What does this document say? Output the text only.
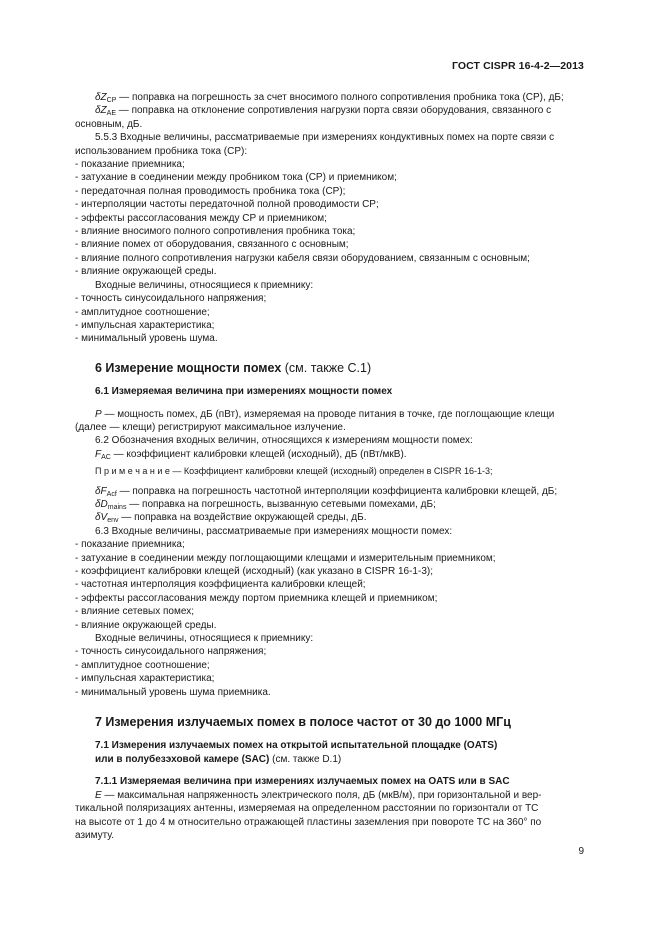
ГОСТ CISPR 16-4-2—2013

$\delta Z_{CP}$ — поправка на погрешность за счет вносимого полного сопротивления пробника тока (CP), дБ;

$\delta Z_{AE}$ — поправка на отклонение сопротивления нагрузки порта связи оборудования, связанного с

основным, дБ.

5.5.3 Входные величины, рассматриваемые при измерениях кондуктивных помех на порте связи с

использованием пробника тока (CP):

- показание приемника;

- затухание в соединении между пробником тока (CP) и приемником;

- передаточная полная проводимость пробника тока (CP);

- интерполяции частоты передаточной полной проводимости CP;

- эффекты рассогласования между CP и приемником;

- влияние вносимого полного сопротивления пробника тока;

- влияние помех от оборудования, связанного с основным;

- влияние полного сопротивления нагрузки кабеля связи оборудованием, связанным с основным;

- влияние окружающей среды.

Входные величины, относящиеся к приемнику:

- точность синусоидального напряжения;

- амплитудное соотношение;

- импульсная характеристика;

- минимальный уровень шума.

6 Измерение мощности помех (см. также С.1)

6.1 Измеряемая величина при измерениях мощности помех

P — мощность помех, дБ (пВт), измеряемая на проводе питания в точке, где поглощающие клещи

(далее — клещи) регистрируют максимальное излучение.

6.2 Обозначения входных величин, относящихся к измерениям мощности помех:

$F_{AC}$ — коэффициент калибровки клещей (исходный), дБ (пВт/мкВ).

П р и м е ч а н и е — Коэффициент калибровки клещей (исходный) определен в CISPR 16-1-3;

$\delta F_{Acf}$ — поправка на погрешность частотной интерполяции коэффициента калибровки клещей, дБ;

$\delta D_{mains}$ — поправка на погрешность, вызванную сетевыми помехами, дБ;

$\delta V_{env}$ — поправка на воздействие окружающей среды, дБ.

6.3 Входные величины, рассматриваемые при измерениях мощности помех:

- показание приемника;

- затухание в соединении между поглощающими клещами и измерительным приемником;

- коэффициент калибровки клещей (исходный) (как указано в CISPR 16-1-3);

- частотная интерполяция коэффициента калибровки клещей;

- эффекты рассогласования между портом приемника клещей и приемником;

- влияние сетевых помех;

- влияние окружающей среды.

Входные величины, относящиеся к приемнику:

- точность синусоидального напряжения;

- амплитудное соотношение;

- импульсная характеристика;

- минимальный уровень шума приемника.

7 Измерения излучаемых помех в полосе частот от 30 до 1000 МГц

7.1 Измерения излучаемых помех на открытой испытательной площадке (OATS)

или в полубезэховой камере (SAC) (см. также D.1)

7.1.1 Измеряемая величина при измерениях излучаемых помех на OATS или в SAC

E — максимальная напряженность электрического поля, дБ (мкВ/м), при горизонтальной и вер-

тикальной поляризациях антенны, измеряемая на определенном расстоянии по горизонтали от ТС

на высоте от 1 до 4 м относительно отражающей пластины заземления при повороте ТС на 360° по

азимуту.

9
